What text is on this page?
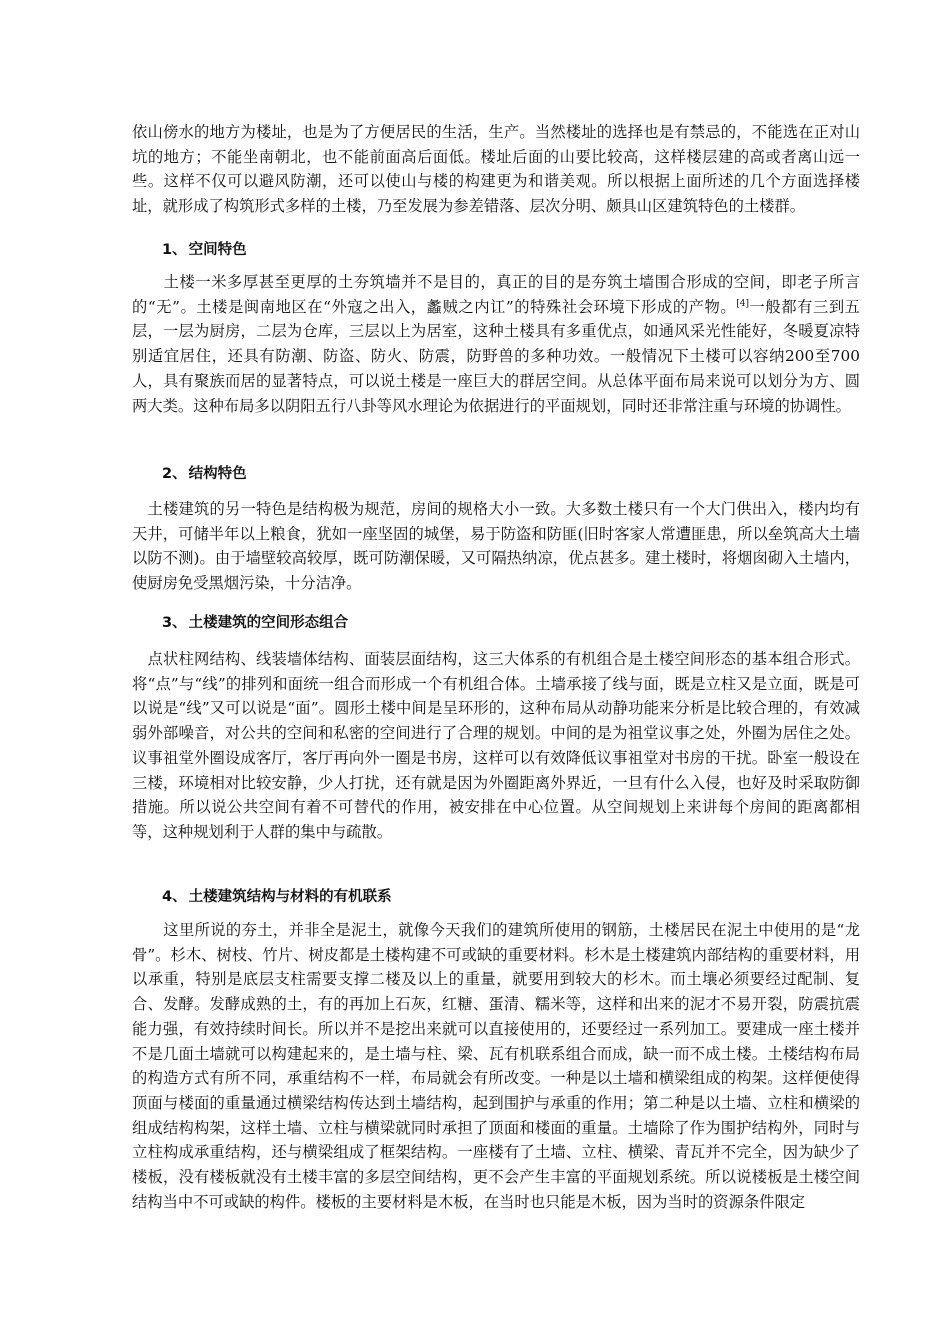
依山傍水的地方为楼址，也是为了方便居民的生活，生产。当然楼址的选择也是有禁忌的，不能选在正对山坑的地方；不能坐南朝北，也不能前面高后面低。楼址后面的山要比较高，这样楼层建的高或者离山远一些。这样不仅可以避风防潮，还可以使山与楼的构建更为和谐美观。所以根据上面所述的几个方面选择楼址，就形成了构筑形式多样的土楼，乃至发展为参差错落、层次分明、颇具山区建筑特色的土楼群。

1、 空间特色

　　土楼一米多厚甚至更厚的土夯筑墙并不是目的，真正的目的是夯筑土墙围合形成的空间，即老子所言的“无”。土楼是闽南地区在“外寇之出入，蠡贼之内讧”的特殊社会环境下形成的产物。[4]一般都有三到五层，一层为厨房，二层为仓库，三层以上为居室，这种土楼具有多重优点，如通风采光性能好，冬暖夏凉特别适宜居住，还具有防潮、防盗、防火、防震，防野兽的多种功效。一般情况下土楼可以容纳200至700人，具有聚族而居的显著特点，可以说土楼是一座巨大的群居空间。从总体平面布局来说可以划分为方、圆两大类。这种布局多以阴阳五行八卦等风水理论为依据进行的平面规划，同时还非常注重与环境的协调性。

2、 结构特色

　土楼建筑的另一特色是结构极为规范，房间的规格大小一致。大多数土楼只有一个大门供出入，楼内均有天井，可储半年以上粮食，犹如一座坚固的城堡，易于防盗和防匪(旧时客家人常遭匪患，所以垒筑高大土墙以防不测)。由于墙壁较高较厚，既可防潮保暖，又可隔热纳凉，优点甚多。建土楼时，将烟囱砌入土墙内，使厨房免受黑烟污染，十分洁净。

3、 土楼建筑的空间形态组合

　点状柱网结构、线装墙体结构、面装层面结构，这三大体系的有机组合是土楼空间形态的基本组合形式。将“点”与“线”的排列和面统一组合而形成一个有机组合体。土墙承接了线与面，既是立柱又是立面，既是可以说是“线”又可以说是“面”。圆形土楼中间是呈环形的，这种布局从动静功能来分析是比较合理的，有效减弱外部噪音，对公共的空间和私密的空间进行了合理的规划。中间的是为祖堂议事之处，外圈为居住之处。议事祖堂外圈设成客厅，客厅再向外一圈是书房，这样可以有效降低议事祖堂对书房的干扰。卧室一般设在三楼，环境相对比较安静，少人打扰，还有就是因为外圈距离外界近，一旦有什么入侵，也好及时采取防御措施。所以说公共空间有着不可替代的作用，被安排在中心位置。从空间规划上来讲每个房间的距离都相等，这种规划利于人群的集中与疏散。

4、 土楼建筑结构与材料的有机联系

　　这里所说的夯土，并非全是泥土，就像今天我们的建筑所使用的钢筋，土楼居民在泥土中使用的是“龙骨”。杉木、树枝、竹片、树皮都是土楼构建不可或缺的重要材料。杉木是土楼建筑内部结构的重要材料，用以承重，特别是底层支柱需要支撑二楼及以上的重量，就要用到较大的杉木。而土壤必须要经过配制、复合、发酵。发酵成熟的土，有的再加上石灰，红糖、蛋清、糯米等，这样和出来的泥才不易开裂，防震抗震能力强，有效持续时间长。所以并不是挖出来就可以直接使用的，还要经过一系列加工。要建成一座土楼并不是几面土墙就可以构建起来的，是土墙与柱、梁、瓦有机联系组合而成，缺一而不成土楼。土楼结构布局的构造方式有所不同，承重结构不一样，布局就会有所改变。一种是以土墙和横梁组成的构架。这样便使得顶面与楼面的重量通过横梁结构传达到土墙结构，起到围护与承重的作用；第二种是以土墙、立柱和横梁的组成结构构架，这样土墙、立柱与横梁就同时承担了顶面和楼面的重量。土墙除了作为围护结构外，同时与立柱构成承重结构，还与横梁组成了框架结构。一座楼有了土墙、立柱、横梁、青瓦并不完全，因为缺少了楼板，没有楼板就没有土楼丰富的多层空间结构，更不会产生丰富的平面规划系统。所以说楼板是土楼空间结构当中不可或缺的构件。楼板的主要材料是木板，在当时也只能是木板，因为当时的资源条件限定
